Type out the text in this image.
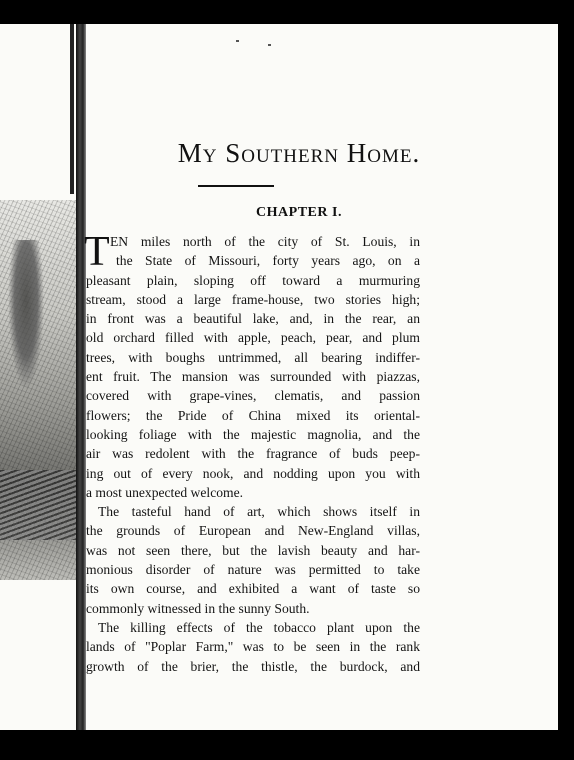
My Southern Home.
CHAPTER I.
T EN miles north of the city of St. Louis, in
the State of Missouri, forty years ago, on a
pleasant plain, sloping off toward a murmuring
stream, stood a large frame-house, two stories high;
in front was a beautiful lake, and, in the rear, an
old orchard filled with apple, peach, pear, and plum
trees, with boughs untrimmed, all bearing indiffer-
ent fruit. The mansion was surrounded with piazzas,
covered with grape-vines, clematis, and passion
flowers; the Pride of China mixed its oriental-
looking foliage with the majestic magnolia, and the
air was redolent with the fragrance of buds peep-
ing out of every nook, and nodding upon you with
a most unexpected welcome.
The tasteful hand of art, which shows itself in
the grounds of European and New-England villas,
was not seen there, but the lavish beauty and har-
monious disorder of nature was permitted to take
its own course, and exhibited a want of taste so
commonly witnessed in the sunny South.
The killing effects of the tobacco plant upon the
lands of "Poplar Farm," was to be seen in the rank
growth of the brier, the thistle, the burdock, and
